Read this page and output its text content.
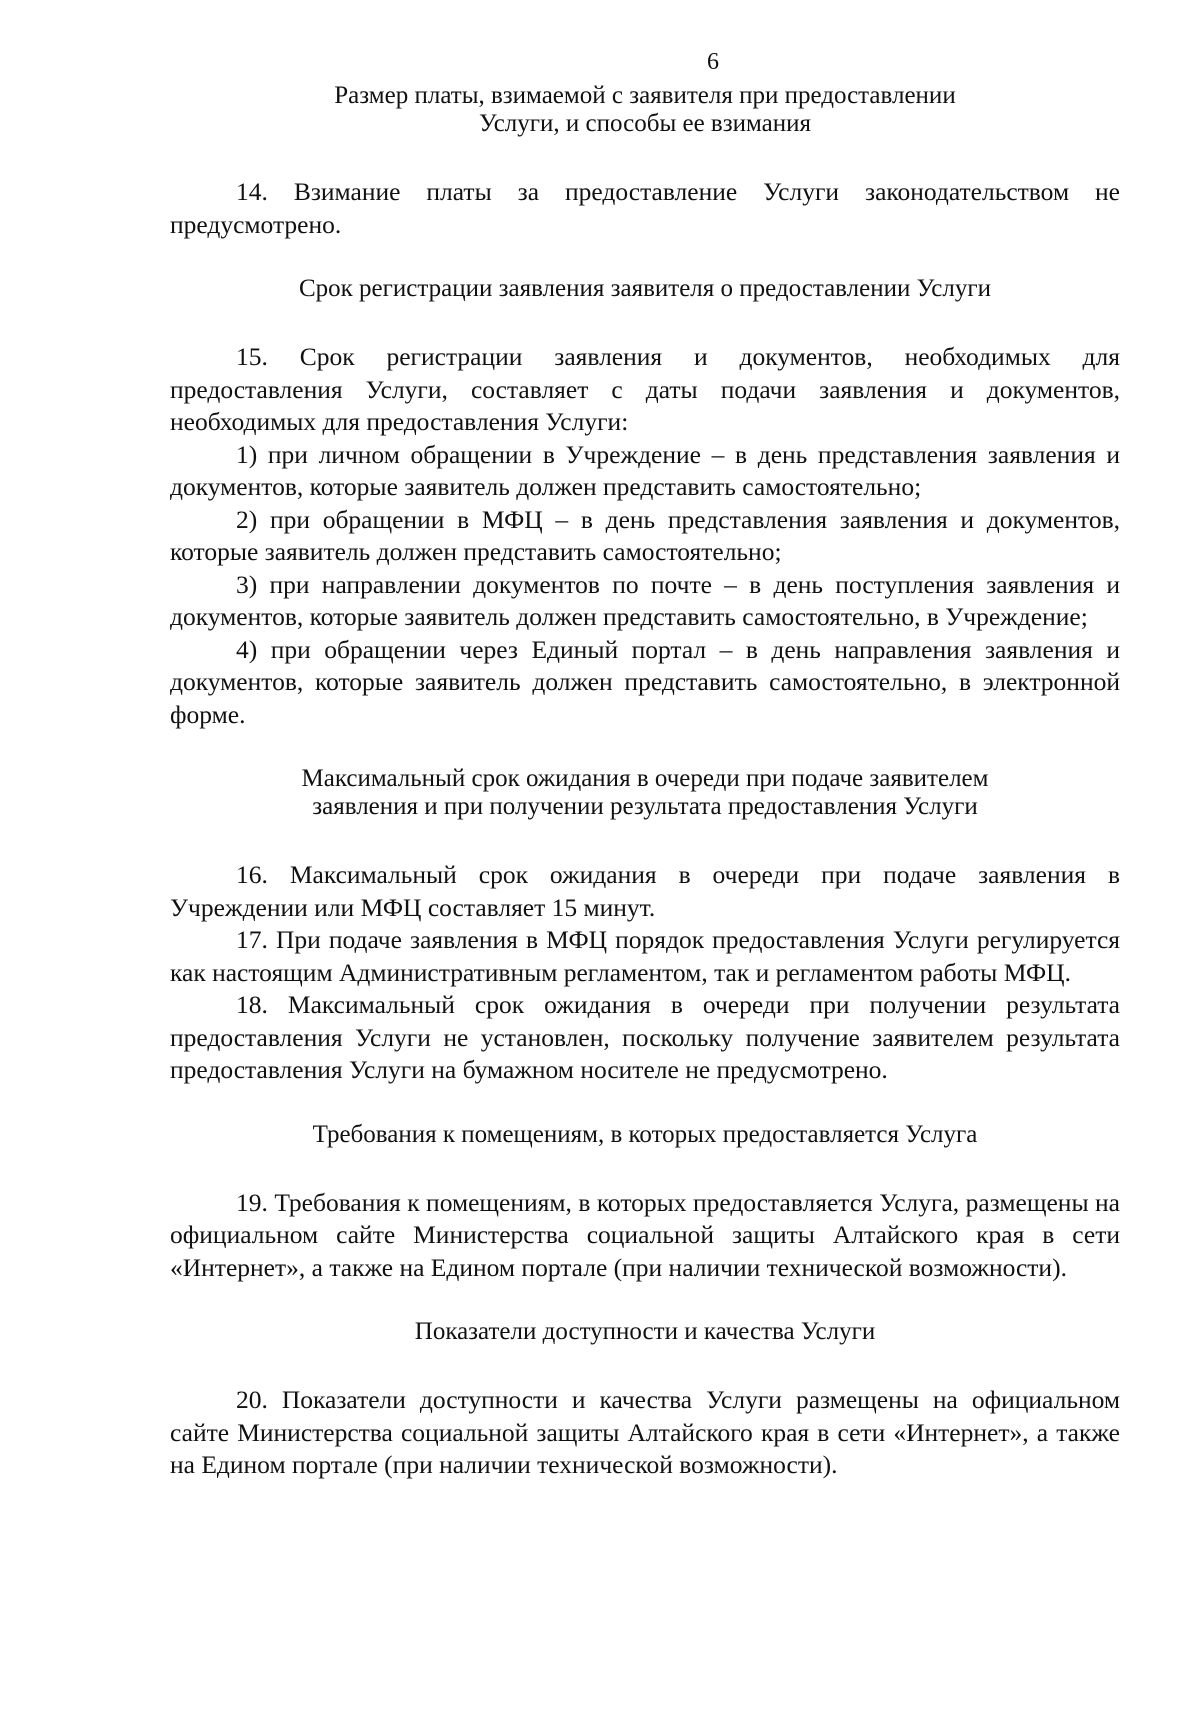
6
Размер платы, взимаемой с заявителя при предоставлении
Услуги, и способы ее взимания

14. Взимание платы за предоставление Услуги законодательством не предусмотрено.

Срок регистрации заявления заявителя о предоставлении Услуги

15. Срок регистрации заявления и документов, необходимых для предоставления Услуги, составляет с даты подачи заявления и документов, необходимых для предоставления Услуги:

1) при личном обращении в Учреждение – в день представления заявления и документов, которые заявитель должен представить самостоятельно;

2) при обращении в МФЦ – в день представления заявления и документов, которые заявитель должен представить самостоятельно;

3) при направлении документов по почте – в день поступления заявления и документов, которые заявитель должен представить самостоятельно, в Учреждение;

4) при обращении через Единый портал – в день направления заявления и документов, которые заявитель должен представить самостоятельно, в электронной форме.

Максимальный срок ожидания в очереди при подаче заявителем
заявления и при получении результата предоставления Услуги

16. Максимальный срок ожидания в очереди при подаче заявления в Учреждении или МФЦ составляет 15 минут.

17. При подаче заявления в МФЦ порядок предоставления Услуги регулируется как настоящим Административным регламентом, так и регламентом работы МФЦ.

18. Максимальный срок ожидания в очереди при получении результата предоставления Услуги не установлен, поскольку получение заявителем результата предоставления Услуги на бумажном носителе не предусмотрено.

Требования к помещениям, в которых предоставляется Услуга

19. Требования к помещениям, в которых предоставляется Услуга, размещены на официальном сайте Министерства социальной защиты Алтайского края в сети «Интернет», а также на Едином портале (при наличии технической возможности).

Показатели доступности и качества Услуги

20. Показатели доступности и качества Услуги размещены на официальном сайте Министерства социальной защиты Алтайского края в сети «Интернет», а также на Едином портале (при наличии технической возможности).
